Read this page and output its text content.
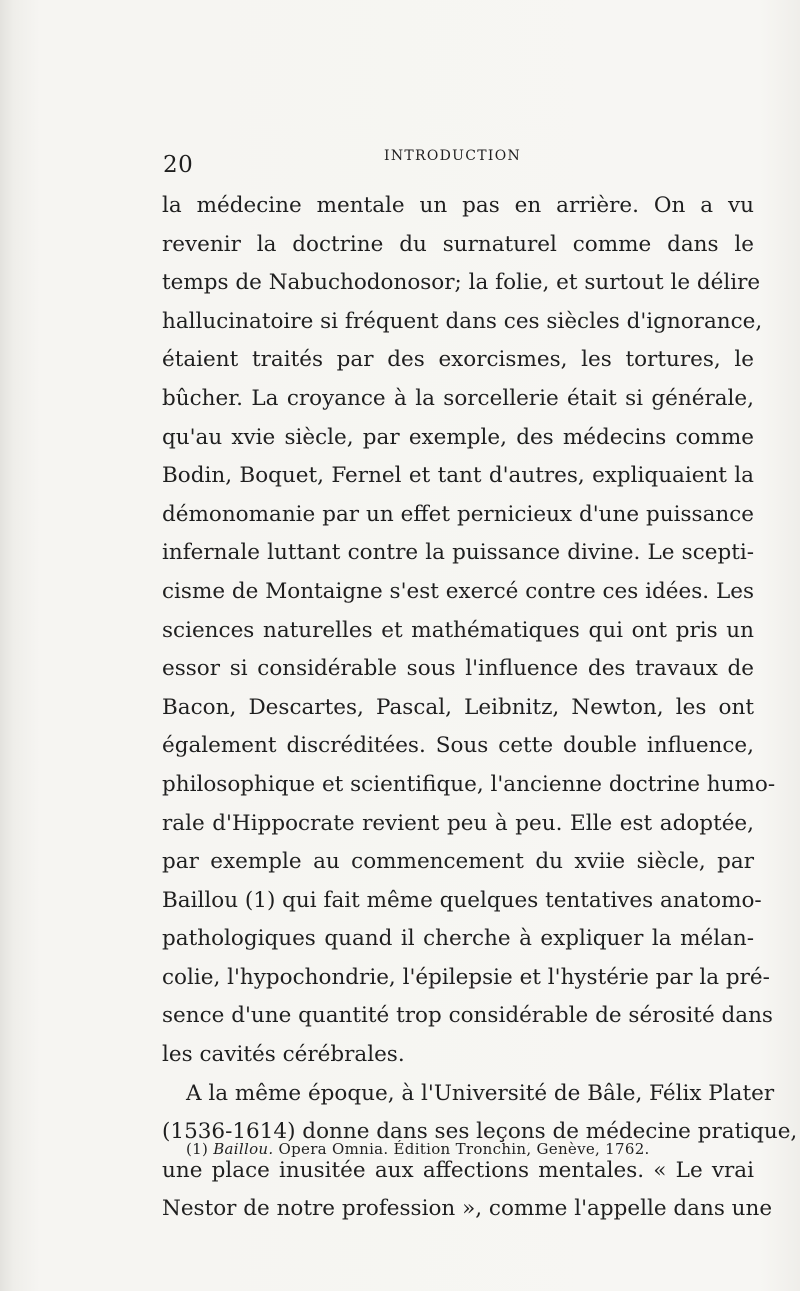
20	INTRODUCTION
la médecine mentale un pas en arrière. On a vu
revenir la doctrine du surnaturel comme dans le
temps de Nabuchodonosor; la folie, et surtout le délire
hallucinatoire si fréquent dans ces siècles d'ignorance,
étaient traités par des exorcismes, les tortures, le
bûcher. La croyance à la sorcellerie était si générale,
qu'au xvie siècle, par exemple, des médecins comme
Bodin, Boquet, Fernel et tant d'autres, expliquaient la
démonomanie par un effet pernicieux d'une puissance
infernale luttant contre la puissance divine. Le scepti-
cisme de Montaigne s'est exercé contre ces idées. Les
sciences naturelles et mathématiques qui ont pris un
essor si considérable sous l'influence des travaux de
Bacon, Descartes, Pascal, Leibnitz, Newton, les ont
également discréditées. Sous cette double influence,
philosophique et scientifique, l'ancienne doctrine humo-
rale d'Hippocrate revient peu à peu. Elle est adoptée,
par exemple au commencement du xviie siècle, par
Baillou (1) qui fait même quelques tentatives anatomo-
pathologiques quand il cherche à expliquer la mélan-
colie, l'hypochondrie, l'épilepsie et l'hystérie par la pré-
sence d'une quantité trop considérable de sérosité dans
les cavités cérébrales.
A la même époque, à l'Université de Bâle, Félix Plater
(1536-1614) donne dans ses leçons de médecine pratique,
une place inusitée aux affections mentales. « Le vrai
Nestor de notre profession », comme l'appelle dans une
(1) Baillou. Opera Omnia. Édition Tronchin, Genève, 1762.
